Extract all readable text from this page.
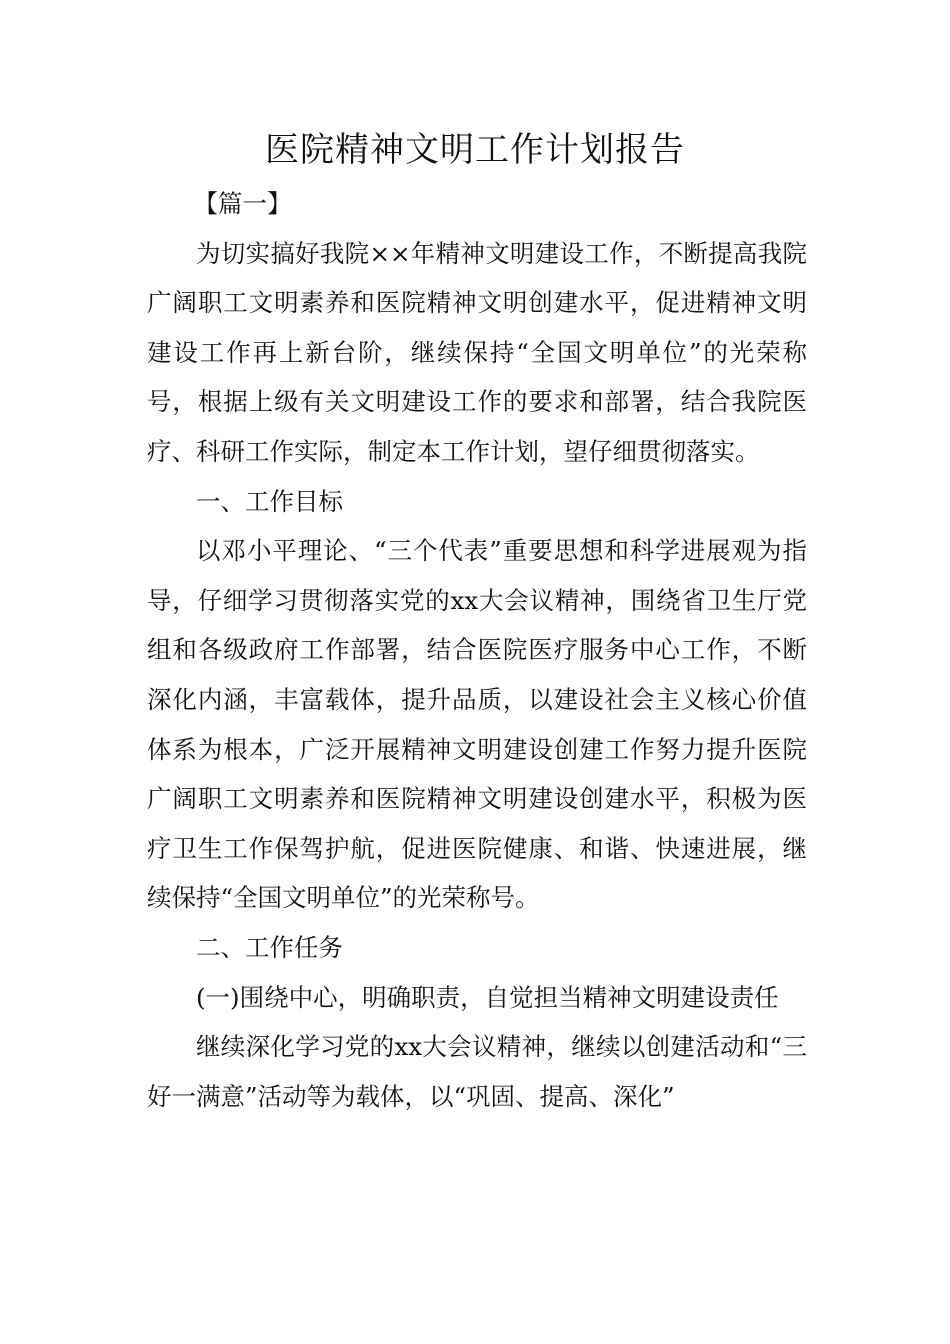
医院精神文明工作计划报告

【篇一】

为切实搞好我院××年精神文明建设工作，不断提高我院广阔职工文明素养和医院精神文明创建水平，促进精神文明建设工作再上新台阶，继续保持“全国文明单位”的光荣称号，根据上级有关文明建设工作的要求和部署，结合我院医疗、科研工作实际，制定本工作计划，望仔细贯彻落实。

一、工作目标

以邓小平理论、“三个代表”重要思想和科学进展观为指导，仔细学习贯彻落实党的xx大会议精神，围绕省卫生厅党组和各级政府工作部署，结合医院医疗服务中心工作，不断深化内涵，丰富载体，提升品质，以建设社会主义核心价值体系为根本，广泛开展精神文明建设创建工作努力提升医院广阔职工文明素养和医院精神文明建设创建水平，积极为医疗卫生工作保驾护航，促进医院健康、和谐、快速进展，继续保持“全国文明单位”的光荣称号。

二、工作任务

(一)围绕中心，明确职责，自觉担当精神文明建设责任

继续深化学习党的xx大会议精神，继续以创建活动和“三好一满意”活动等为载体，以“巩固、提高、深化”
